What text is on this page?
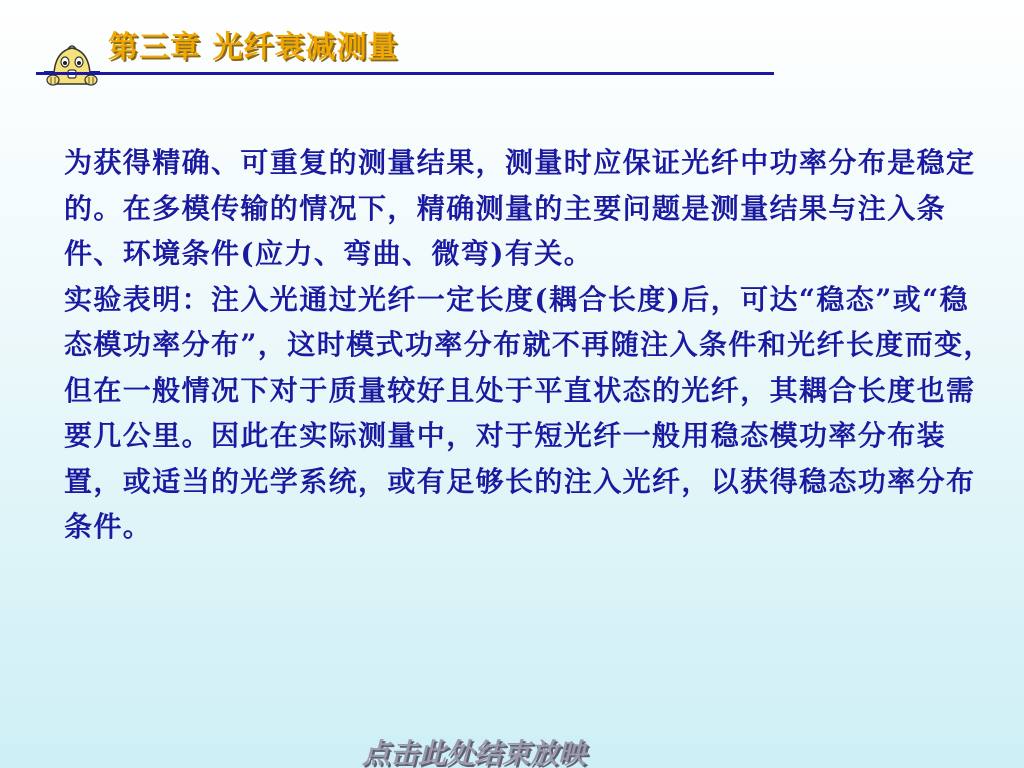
第三章 光纤衰减测量

为获得精确、可重复的测量结果，测量时应保证光纤中功率分布是稳定的。在多模传输的情况下，精确测量的主要问题是测量结果与注入条件、环境条件(应力、弯曲、微弯)有关。

实验表明：注入光通过光纤一定长度(耦合长度)后，可达“稳态”或“稳态模功率分布”，这时模式功率分布就不再随注入条件和光纤长度而变，但在一般情况下对于质量较好且处于平直状态的光纤，其耦合长度也需要几公里。因此在实际测量中，对于短光纤一般用稳态模功率分布装置，或适当的光学系统，或有足够长的注入光纤，以获得稳态功率分布条件。

点击此处结束放映
